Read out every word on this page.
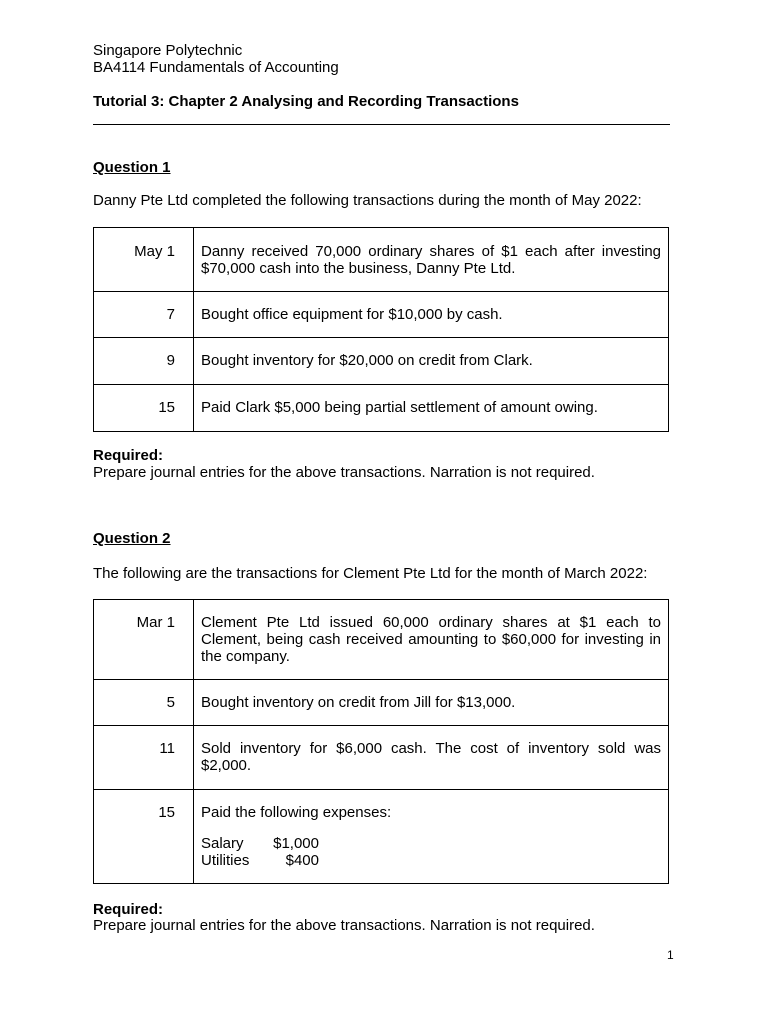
Singapore Polytechnic
BA4114 Fundamentals of Accounting
Tutorial 3: Chapter 2 Analysing and Recording Transactions
Question 1
Danny Pte Ltd completed the following transactions during the month of May 2022:
May 1	Danny received 70,000 ordinary shares of $1 each after investing $70,000 cash into the business, Danny Pte Ltd.
7	Bought office equipment for $10,000 by cash.
9	Bought inventory for $20,000 on credit from Clark.
15	Paid Clark $5,000 being partial settlement of amount owing.
Required:
Prepare journal entries for the above transactions. Narration is not required.
Question 2
The following are the transactions for Clement Pte Ltd for the month of March 2022:
Mar 1	Clement Pte Ltd issued 60,000 ordinary shares at $1 each to Clement, being cash received amounting to $60,000 for investing in the company.
5	Bought inventory on credit from Jill for $13,000.
11	Sold inventory for $6,000 cash. The cost of inventory sold was $2,000.
15	Paid the following expenses:
Salary $1,000
Utilities $400
Required:
Prepare journal entries for the above transactions. Narration is not required.
1
